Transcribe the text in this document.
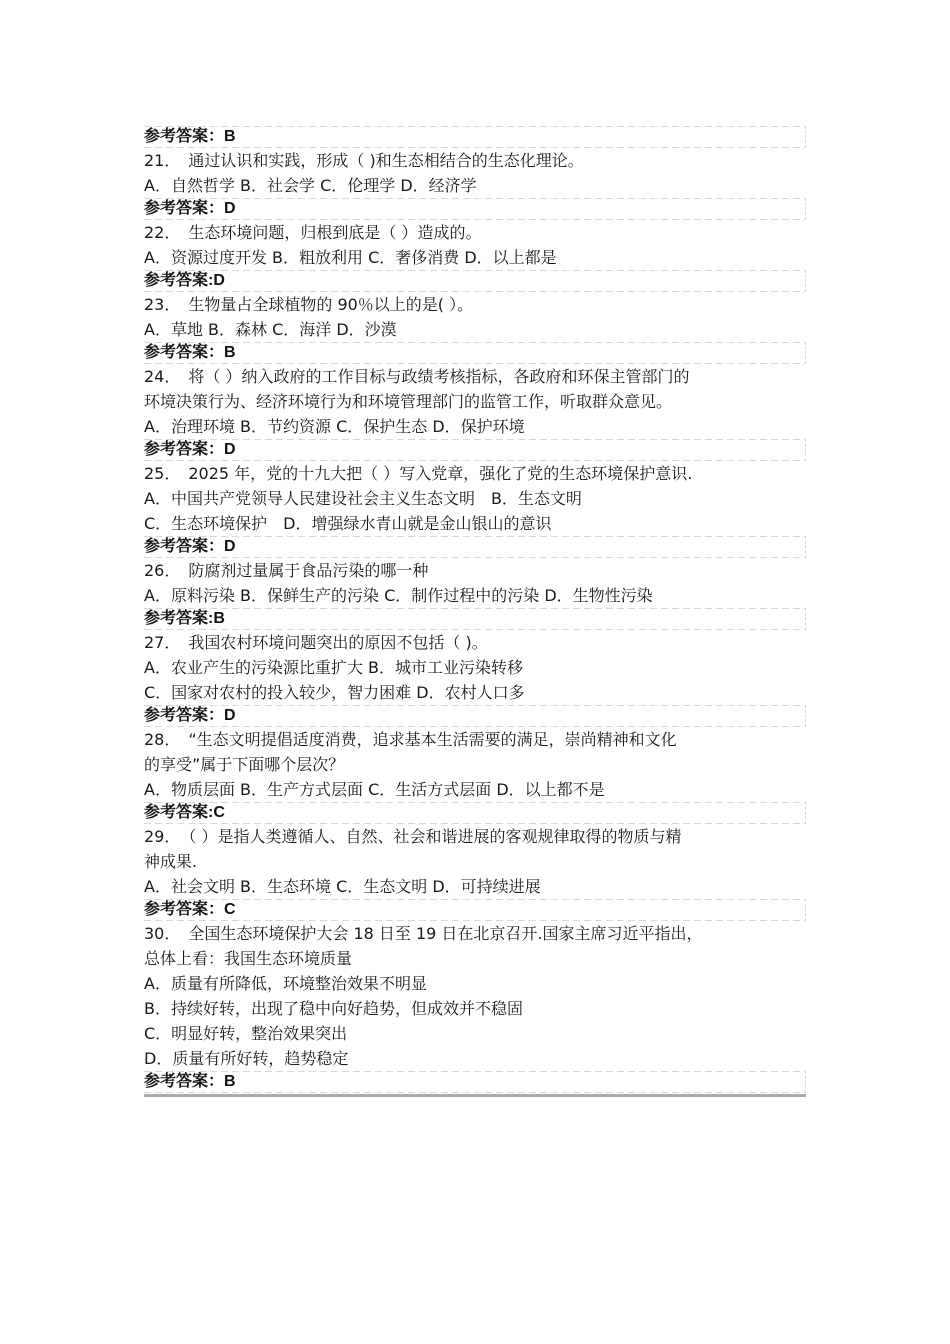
参考答案：B
21．　通过认识和实践，形成（ )和生态相结合的生态化理论。
A．自然哲学 B．社会学 C．伦理学 D．经济学
参考答案：D
22．　生态环境问题，归根到底是（ ）造成的。
A．资源过度开发 B．粗放利用 C．奢侈消费 D．以上都是
参考答案:D
23．　生物量占全球植物的 90％以上的是( ）。
A．草地 B．森林 C．海洋 D．沙漠
参考答案：B
24．　将（ ）纳入政府的工作目标与政绩考核指标，各政府和环保主管部门的
环境决策行为、经济环境行为和环境管理部门的监管工作，听取群众意见。
A．治理环境 B．节约资源 C．保护生态 D．保护环境
参考答案：D
25．　2025 年，党的十九大把（ ）写入党章，强化了党的生态环境保护意识.
A．中国共产党领导人民建设社会主义生态文明　B．生态文明
C．生态环境保护　D．增强绿水青山就是金山银山的意识
参考答案：D
26．　防腐剂过量属于食品污染的哪一种
A．原料污染 B．保鲜生产的污染 C．制作过程中的污染 D．生物性污染
参考答案:B
27．　我国农村环境问题突出的原因不包括（ )。
A．农业产生的污染源比重扩大 B．城市工业污染转移
C．国家对农村的投入较少，智力困难 D．农村人口多
参考答案：D
28．　“生态文明提倡适度消费，追求基本生活需要的满足，崇尚精神和文化
的享受”属于下面哪个层次？
A．物质层面 B．生产方式层面 C．生活方式层面 D．以上都不是
参考答案:C
29．　（ ）是指人类遵循人、自然、社会和谐进展的客观规律取得的物质与精
神成果.
A．社会文明 B．生态环境 C．生态文明 D．可持续进展
参考答案：C
30．　全国生态环境保护大会 18 日至 19 日在北京召开.国家主席习近平指出，
总体上看：我国生态环境质量
A．质量有所降低，环境整治效果不明显
B．持续好转，出现了稳中向好趋势，但成效并不稳固
C．明显好转，整治效果突出
D．质量有所好转，趋势稳定
参考答案：B
